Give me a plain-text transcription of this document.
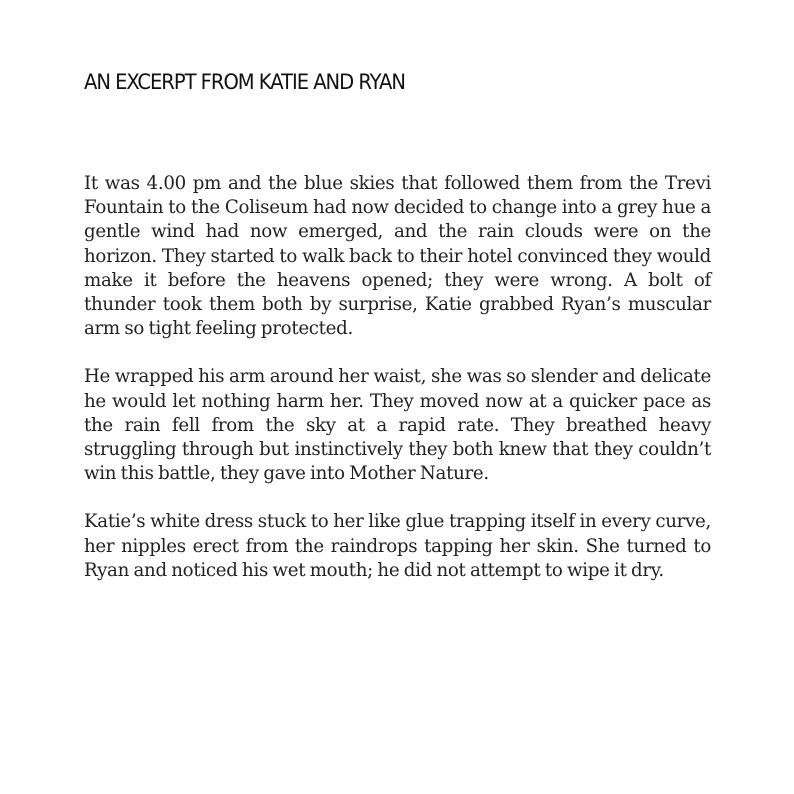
AN EXCERPT FROM KATIE AND RYAN

It was 4.00 pm and the blue skies that followed them from the Trevi Fountain to the Coliseum had now decided to change into a grey hue a gentle wind had now emerged, and the rain clouds were on the horizon. They started to walk back to their hotel convinced they would make it before the heavens opened; they were wrong. A bolt of thunder took them both by surprise, Katie grabbed Ryan’s muscular arm so tight feeling protected.

He wrapped his arm around her waist, she was so slender and delicate he would let nothing harm her. They moved now at a quicker pace as the rain fell from the sky at a rapid rate. They breathed heavy struggling through but instinctively they both knew that they couldn’t win this battle, they gave into Mother Nature.

Katie’s white dress stuck to her like glue trapping itself in every curve, her nipples erect from the raindrops tapping her skin. She turned to Ryan and noticed his wet mouth; he did not attempt to wipe it dry.
